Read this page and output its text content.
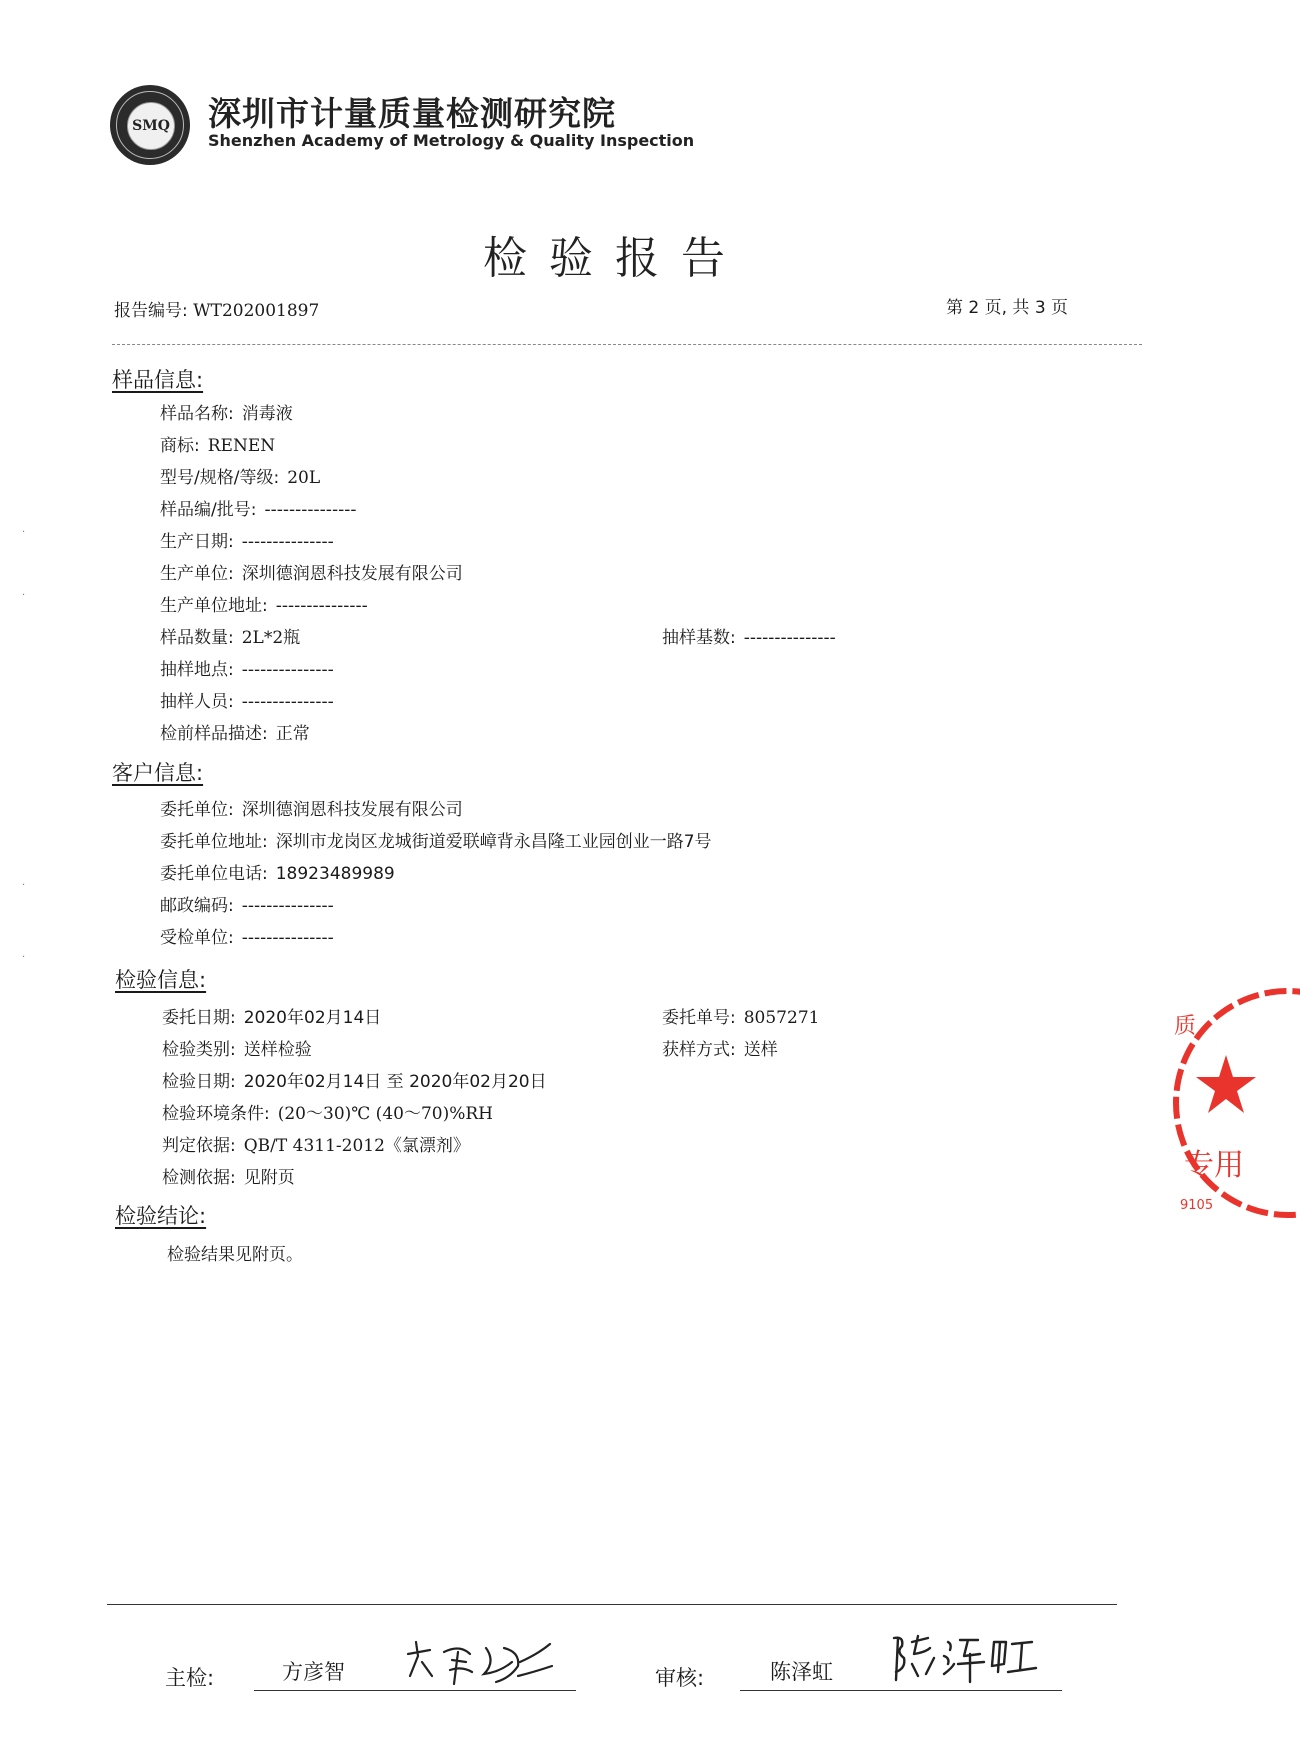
SMQ 深圳市计量质量检测研究院
Shenzhen Academy of Metrology & Quality Inspection
检验报告
报告编号: WT202001897	第 2 页, 共 3 页
样品信息:
样品名称: 消毒液
商标: RENEN
型号/规格/等级: 20L
样品编/批号: ---------------
生产日期: ---------------
生产单位: 深圳德润恩科技发展有限公司
生产单位地址: ---------------
样品数量: 2L*2瓶	抽样基数: ---------------
抽样地点: ---------------
抽样人员: ---------------
检前样品描述: 正常
客户信息:
委托单位: 深圳德润恩科技发展有限公司
委托单位地址: 深圳市龙岗区龙城街道爱联嶂背永昌隆工业园创业一路7号
委托单位电话: 18923489989
邮政编码: ---------------
受检单位: ---------------
检验信息:
委托日期: 2020年02月14日	委托单号: 8057271
检验类别: 送样检验	获样方式: 送样
检验日期: 2020年02月14日 至 2020年02月20日
检验环境条件: (20～30)℃ (40～70)%RH
判定依据: QB/T 4311-2012《氯漂剂》
检测依据: 见附页
检验结论:
检验结果见附页。
质
专用
9105
·
·
·
·
主检:	方彦智	审核:	陈泽虹
